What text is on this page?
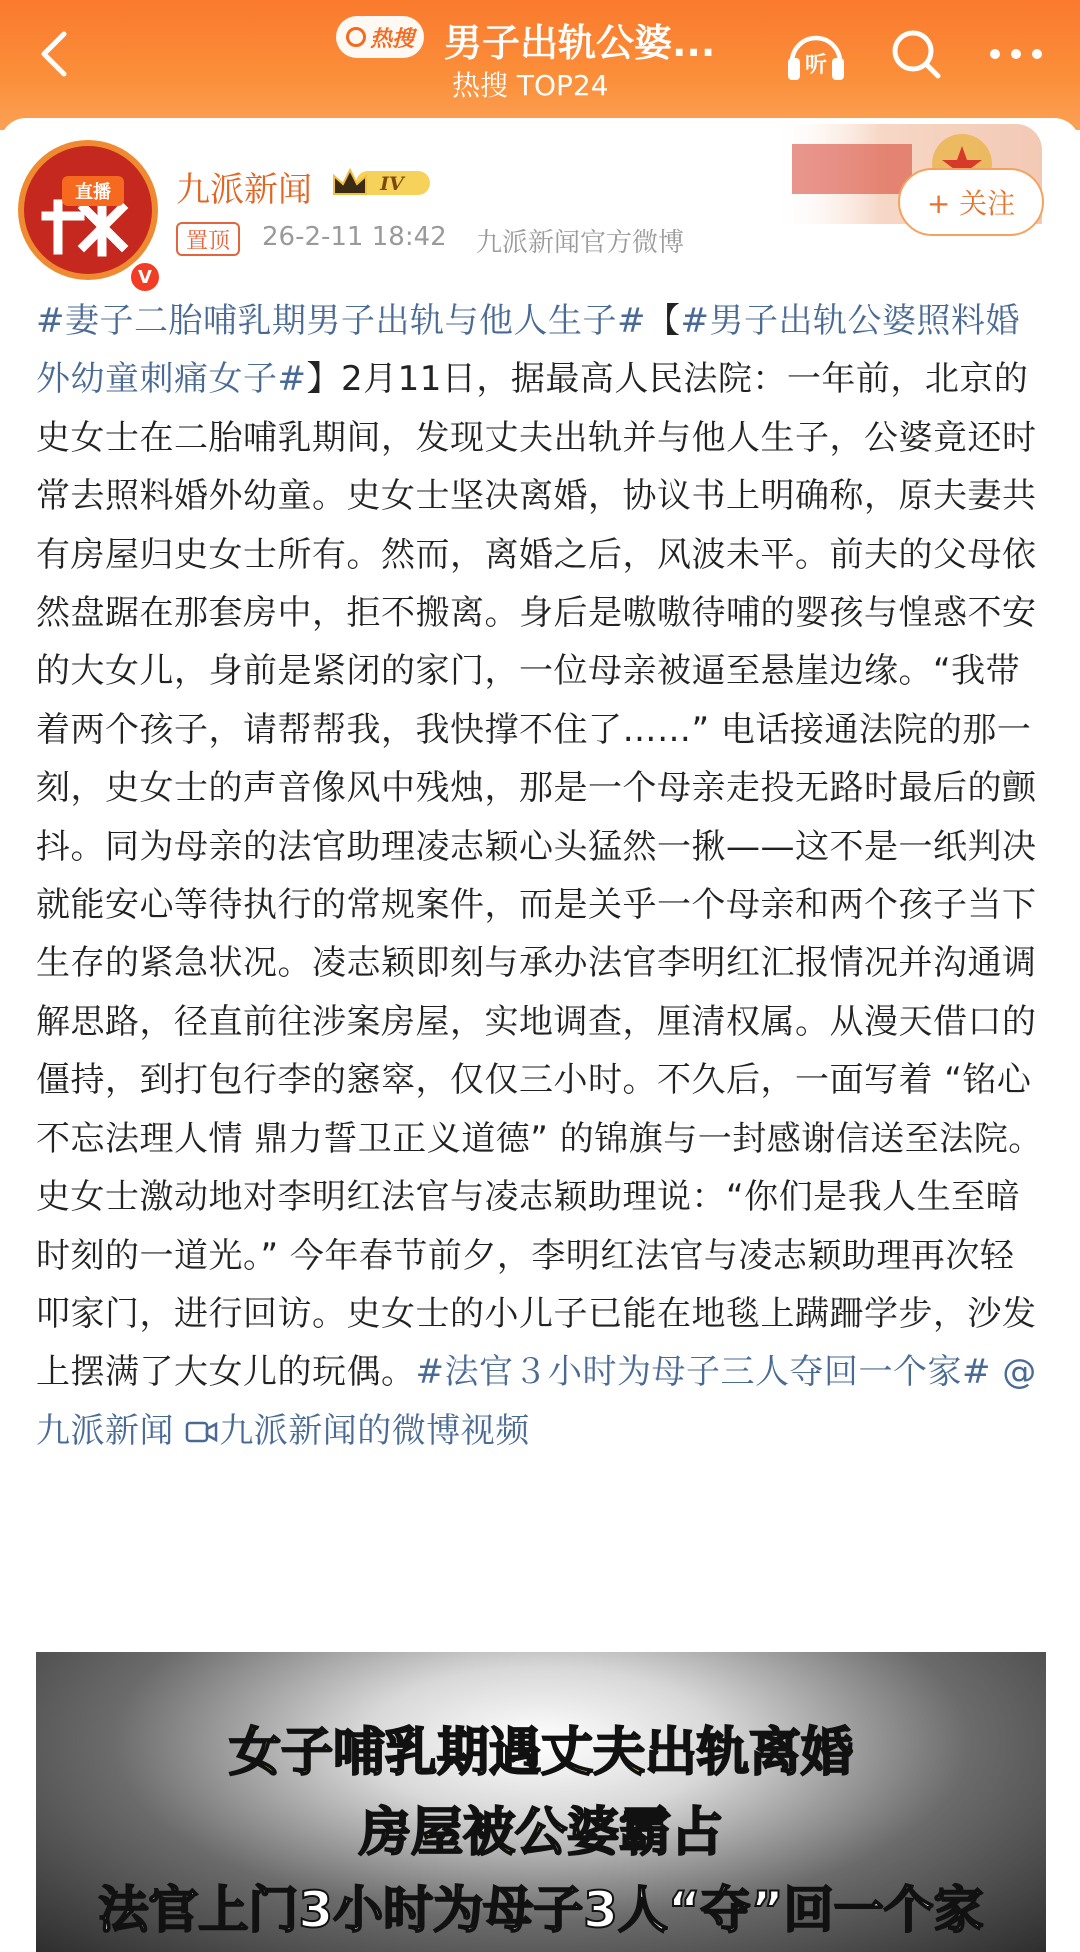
热搜 男子出轨公婆...
热搜 TOP24
听
直播
V
九派新闻	IV
置顶	26-2-11 18:42 九派新闻官方微博
+ 关注
#妻子二胎哺乳期男子出轨与他人生子#【#男子出轨公婆照料婚外幼童刺痛女子#】2月11日，据最高人民法院：一年前，北京的史女士在二胎哺乳期间，发现丈夫出轨并与他人生子，公婆竟还时常去照料婚外幼童。史女士坚决离婚，协议书上明确称，原夫妻共有房屋归史女士所有。然而，离婚之后，风波未平。前夫的父母依然盘踞在那套房中，拒不搬离。身后是嗷嗷待哺的婴孩与惶惑不安的大女儿，身前是紧闭的家门，一位母亲被逼至悬崖边缘。“我带着两个孩子，请帮帮我，我快撑不住了……” 电话接通法院的那一刻，史女士的声音像风中残烛，那是一个母亲走投无路时最后的颤抖。同为母亲的法官助理凌志颖心头猛然一揪——这不是一纸判决就能安心等待执行的常规案件，而是关乎一个母亲和两个孩子当下生存的紧急状况。凌志颖即刻与承办法官李明红汇报情况并沟通调解思路，径直前往涉案房屋，实地调查，厘清权属。从漫天借口的僵持，到打包行李的窸窣，仅仅三小时。不久后，一面写着 “铭心不忘法理人情 鼎力誓卫正义道德” 的锦旗与一封感谢信送至法院。史女士激动地对李明红法官与凌志颖助理说：“你们是我人生至暗时刻的一道光。” 今年春节前夕，李明红法官与凌志颖助理再次轻叩家门，进行回访。史女士的小儿子已能在地毯上蹒跚学步，沙发上摆满了大女儿的玩偶。#法官３小时为母子三人夺回一个家# @九派新闻 九派新闻的微博视频
女子哺乳期遇丈夫出轨离婚
房屋被公婆霸占
法官上门3小时为母子3人“夺”回一个家
